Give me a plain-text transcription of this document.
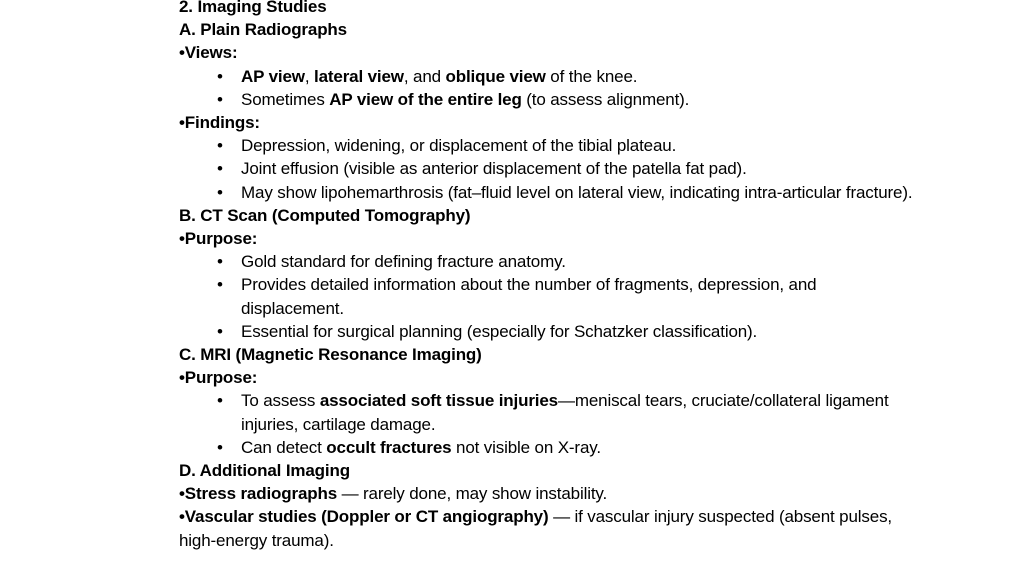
2. Imaging Studies
A. Plain Radiographs
•Views:
• AP view, lateral view, and oblique view of the knee.
• Sometimes AP view of the entire leg (to assess alignment).
•Findings:
• Depression, widening, or displacement of the tibial plateau.
• Joint effusion (visible as anterior displacement of the patella fat pad).
• May show lipohemarthrosis (fat–fluid level on lateral view, indicating intra-articular fracture).
B. CT Scan (Computed Tomography)
•Purpose:
• Gold standard for defining fracture anatomy.
• Provides detailed information about the number of fragments, depression, and displacement.
• Essential for surgical planning (especially for Schatzker classification).
C. MRI (Magnetic Resonance Imaging)
•Purpose:
• To assess associated soft tissue injuries—meniscal tears, cruciate/collateral ligament injuries, cartilage damage.
• Can detect occult fractures not visible on X-ray.
D. Additional Imaging
•Stress radiographs — rarely done, may show instability.
•Vascular studies (Doppler or CT angiography) — if vascular injury suspected (absent pulses, high-energy trauma).
